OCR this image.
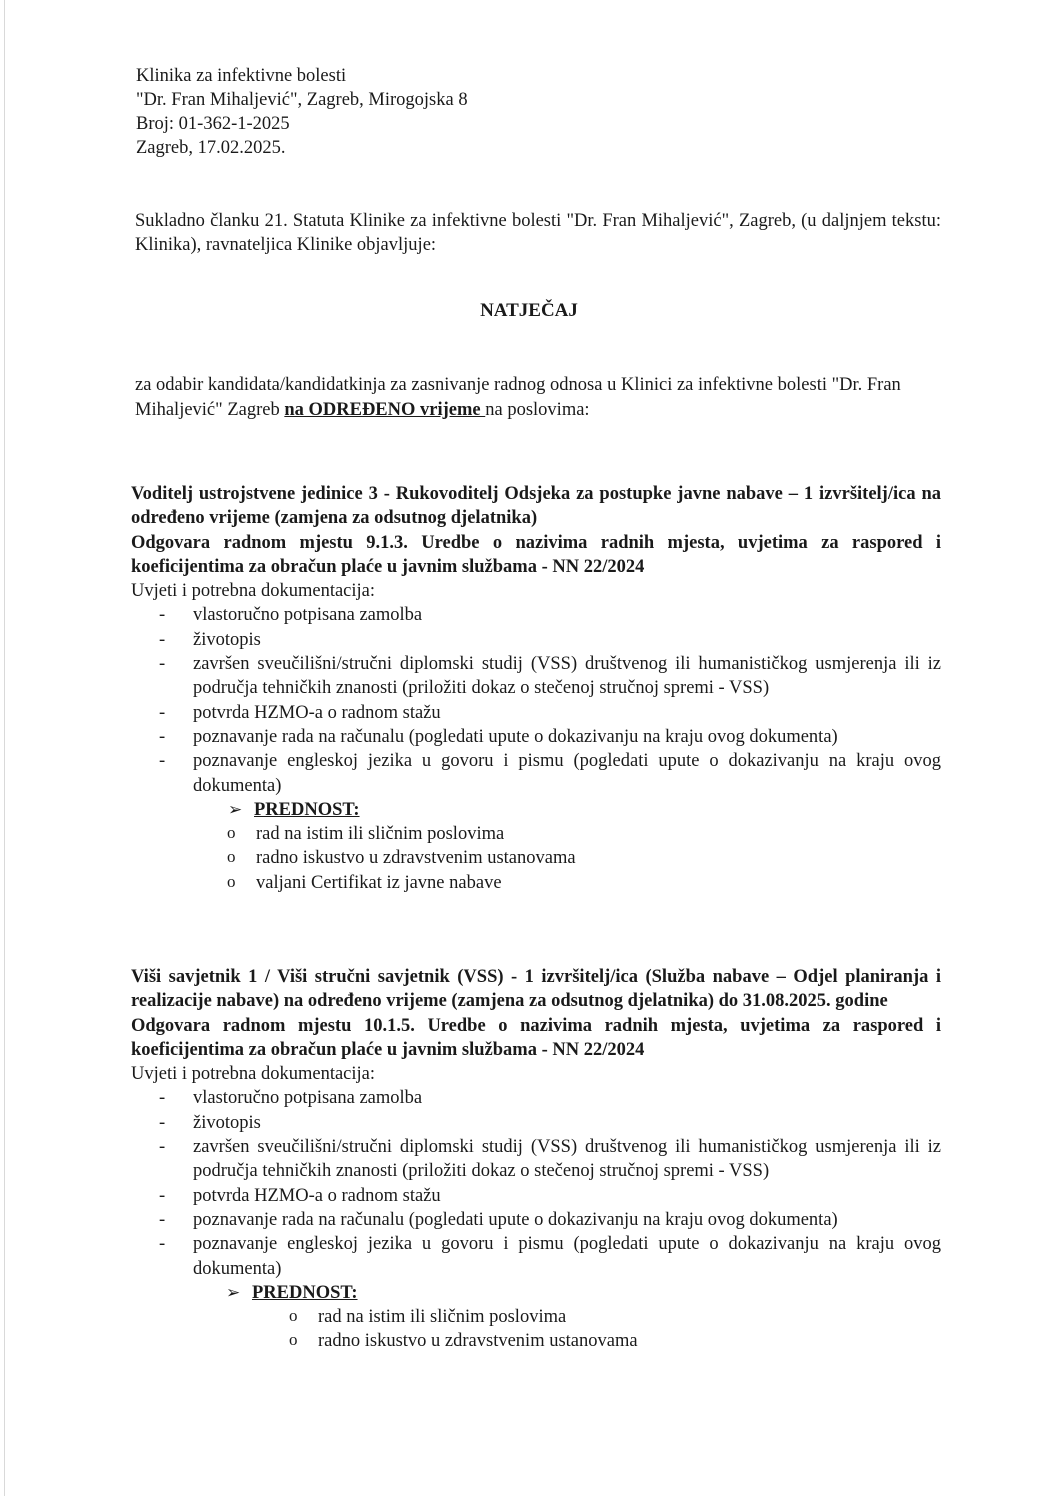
Klinika za infektivne bolesti
"Dr. Fran Mihaljević", Zagreb, Mirogojska 8
Broj: 01-362-1-2025
Zagreb, 17.02.2025.
Sukladno članku 21. Statuta Klinike za infektivne bolesti "Dr. Fran Mihaljević", Zagreb, (u daljnjem tekstu: Klinika), ravnateljica Klinike objavljuje:
NATJEČAJ
za odabir kandidata/kandidatkinja za zasnivanje radnog odnosa u Klinici za infektivne bolesti "Dr. Fran Mihaljević" Zagreb na ODREĐENO vrijeme na poslovima:
Voditelj ustrojstvene jedinice 3 - Rukovoditelj Odsjeka za postupke javne nabave – 1 izvršitelj/ica na određeno vrijeme (zamjena za odsutnog djelatnika)
Odgovara radnom mjestu 9.1.3. Uredbe o nazivima radnih mjesta, uvjetima za raspored i koeficijentima za obračun plaće u javnim službama - NN 22/2024
Uvjeti i potrebna dokumentacija:
- vlastoručno potpisana zamolba
- životopis
- završen sveučilišni/stručni diplomski studij (VSS) društvenog ili humanističkog usmjerenja ili iz područja tehničkih znanosti (priložiti dokaz o stečenoj stručnoj spremi - VSS)
- potvrda HZMO-a o radnom stažu
- poznavanje rada na računalu (pogledati upute o dokazivanju na kraju ovog dokumenta)
- poznavanje engleskoj jezika u govoru i pismu (pogledati upute o dokazivanju na kraju ovog dokumenta)
➢ PREDNOST:
o rad na istim ili sličnim poslovima
o radno iskustvo u zdravstvenim ustanovama
o valjani Certifikat iz javne nabave
Viši savjetnik 1 / Viši stručni savjetnik (VSS) - 1 izvršitelj/ica (Služba nabave – Odjel planiranja i realizacije nabave) na određeno vrijeme (zamjena za odsutnog djelatnika) do 31.08.2025. godine
Odgovara radnom mjestu 10.1.5. Uredbe o nazivima radnih mjesta, uvjetima za raspored i koeficijentima za obračun plaće u javnim službama - NN 22/2024
Uvjeti i potrebna dokumentacija:
- vlastoručno potpisana zamolba
- životopis
- završen sveučilišni/stručni diplomski studij (VSS) društvenog ili humanističkog usmjerenja ili iz područja tehničkih znanosti (priložiti dokaz o stečenoj stručnoj spremi - VSS)
- potvrda HZMO-a o radnom stažu
- poznavanje rada na računalu (pogledati upute o dokazivanju na kraju ovog dokumenta)
- poznavanje engleskoj jezika u govoru i pismu (pogledati upute o dokazivanju na kraju ovog dokumenta)
➢ PREDNOST:
o rad na istim ili sličnim poslovima
o radno iskustvo u zdravstvenim ustanovama
